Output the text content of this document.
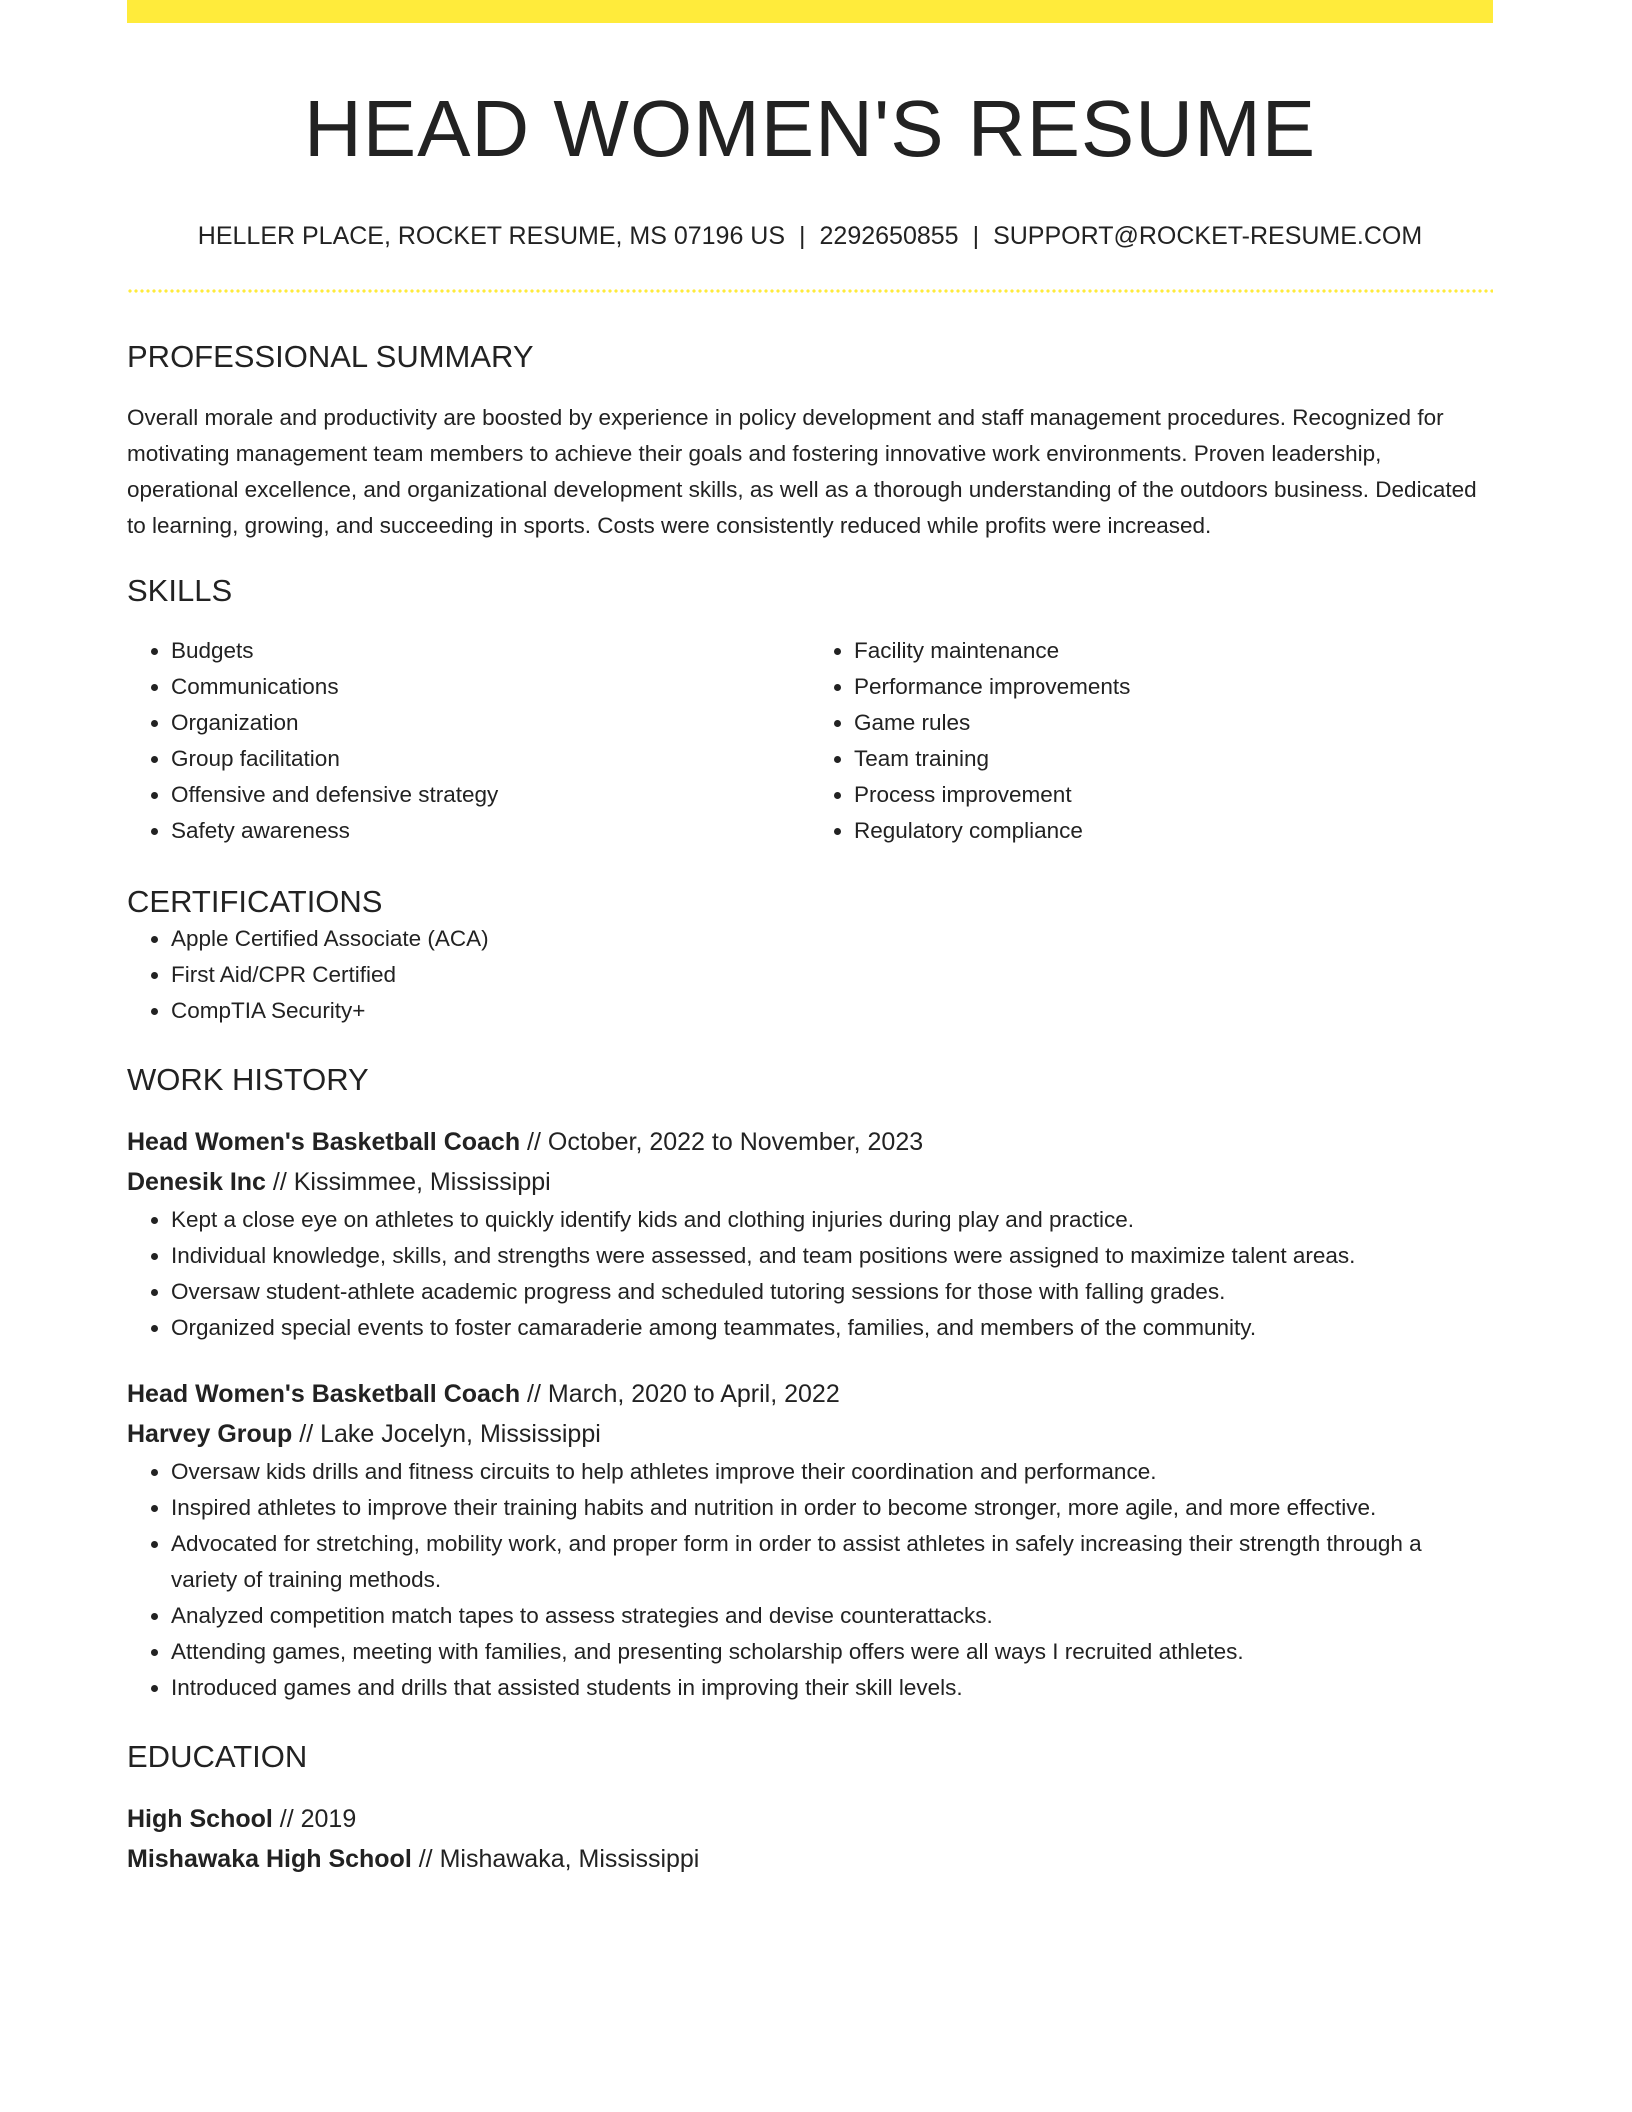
HEAD WOMEN'S RESUME
HELLER PLACE, ROCKET RESUME, MS 07196 US | 2292650855 | SUPPORT@ROCKET-RESUME.COM
PROFESSIONAL SUMMARY
Overall morale and productivity are boosted by experience in policy development and staff management procedures. Recognized for motivating management team members to achieve their goals and fostering innovative work environments. Proven leadership, operational excellence, and organizational development skills, as well as a thorough understanding of the outdoors business. Dedicated to learning, growing, and succeeding in sports. Costs were consistently reduced while profits were increased.
SKILLS
• Budgets
• Communications
• Organization
• Group facilitation
• Offensive and defensive strategy
• Safety awareness
• Facility maintenance
• Performance improvements
• Game rules
• Team training
• Process improvement
• Regulatory compliance
CERTIFICATIONS
• Apple Certified Associate (ACA)
• First Aid/CPR Certified
• CompTIA Security+
WORK HISTORY
Head Women's Basketball Coach // October, 2022 to November, 2023
Denesik Inc // Kissimmee, Mississippi
• Kept a close eye on athletes to quickly identify kids and clothing injuries during play and practice.
• Individual knowledge, skills, and strengths were assessed, and team positions were assigned to maximize talent areas.
• Oversaw student-athlete academic progress and scheduled tutoring sessions for those with falling grades.
• Organized special events to foster camaraderie among teammates, families, and members of the community.
Head Women's Basketball Coach // March, 2020 to April, 2022
Harvey Group // Lake Jocelyn, Mississippi
• Oversaw kids drills and fitness circuits to help athletes improve their coordination and performance.
• Inspired athletes to improve their training habits and nutrition in order to become stronger, more agile, and more effective.
• Advocated for stretching, mobility work, and proper form in order to assist athletes in safely increasing their strength through a variety of training methods.
• Analyzed competition match tapes to assess strategies and devise counterattacks.
• Attending games, meeting with families, and presenting scholarship offers were all ways I recruited athletes.
• Introduced games and drills that assisted students in improving their skill levels.
EDUCATION
High School // 2019
Mishawaka High School // Mishawaka, Mississippi
